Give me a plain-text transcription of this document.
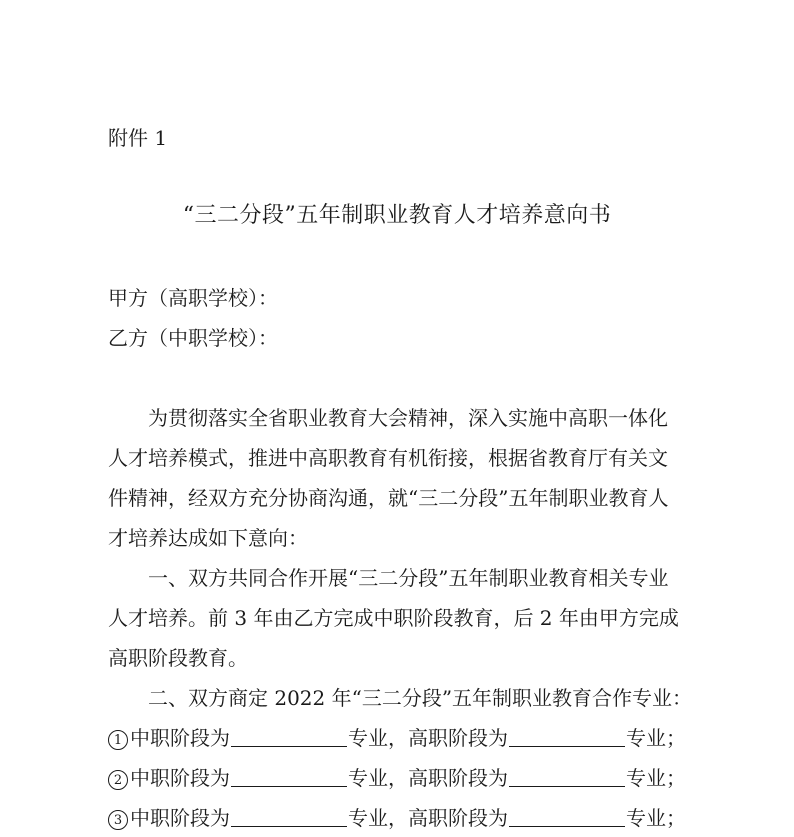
附件 1
“三二分段”五年制职业教育人才培养意向书
甲方（高职学校）：
乙方（中职学校）：
为贯彻落实全省职业教育大会精神，深入实施中高职一体化
人才培养模式，推进中高职教育有机衔接，根据省教育厅有关文
件精神，经双方充分协商沟通，就“三二分段”五年制职业教育人
才培养达成如下意向：
一、双方共同合作开展“三二分段”五年制职业教育相关专业
人才培养。前 3 年由乙方完成中职阶段教育，后 2 年由甲方完成
高职阶段教育。
二、双方商定 2022 年“三二分段”五年制职业教育合作专业：
1 中职阶段为	专业，高职阶段为	专业；
2 中职阶段为	专业，高职阶段为	专业；
3 中职阶段为	专业，高职阶段为	专业；
